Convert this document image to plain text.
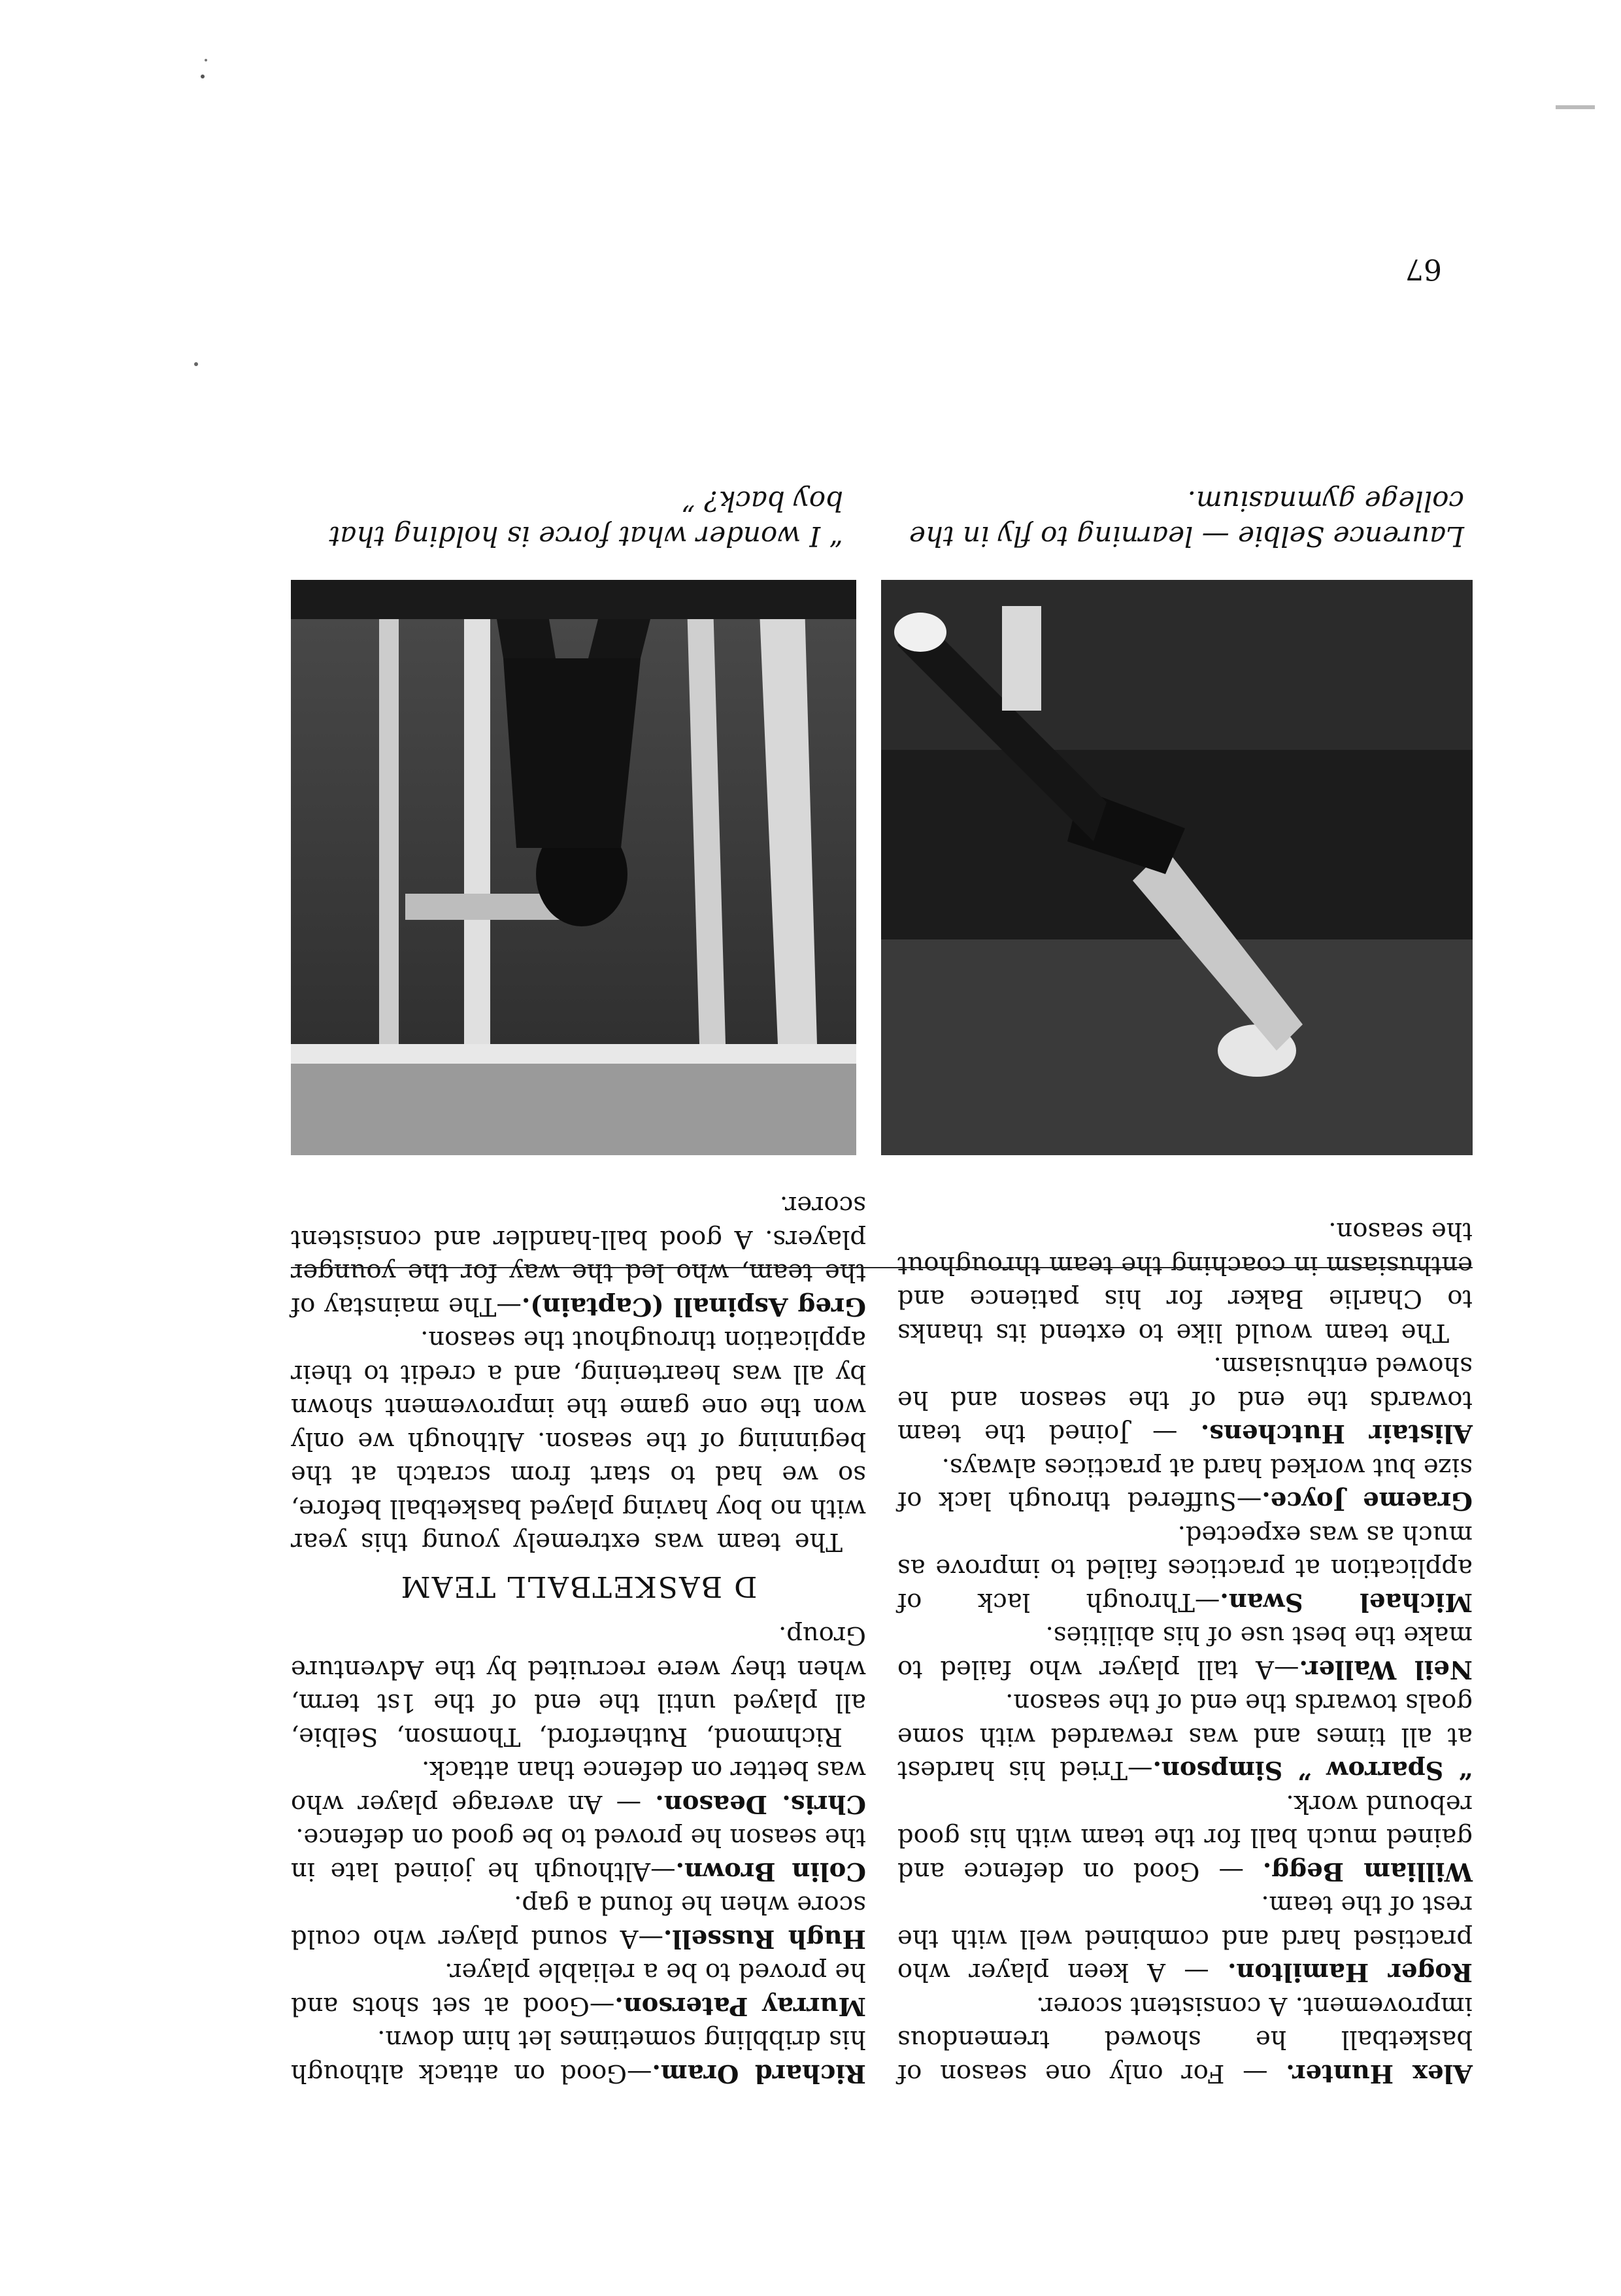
67

Richard Oram.—Good on attack although his dribbling sometimes let him down.

Murray Paterson.—Good at set shots and he proved to be a reliable player.

Hugh Russell.—A sound player who could score when he found a gap.

Colin Brown.—Although he joined late in the season he proved to be good on defence.

Chris. Deason. — An average player who was better on defence than attack.

Richmond, Rutherford, Thomson, Selbie, all played until the end of the 1st term, when they were recruited by the Adventure Group.

D BASKETBALL TEAM

The team was extremely young this year with no boy having played basketball before, so we had to start from scratch at the beginning of the season. Although we only won the one game the improvement shown by all was heartening, and a credit to their application throughout the season.

Greg Aspinall (Captain).—The mainstay of the team, who led the way for the younger players. A good ball-handler and consistent scorer.

Alex Hunter. — For only one season of basketball he showed tremendous improvement. A consistent scorer.

Roger Hamilton. — A keen player who practised hard and combined well with the rest of the team.

William Begg. — Good on defence and gained much ball for the team with his good rebound work.

“ Sparrow ” Simpson.—Tried his hardest at all times and was rewarded with some goals towards the end of the season.

Neil Waller.—A tall player who failed to make the best use of his abilities.

Michael Swan.—Through lack of application at practices failed to improve as much as was expected.

Graeme Joyce.—Suffered through lack of size but worked hard at practices always.

Alistair Hutchens. — Joined the team towards the end of the season and he showed enthusiasm.

The team would like to extend its thanks to Charlie Baker for his patience and enthusiasm in coaching the team throughout the season.

“ I wonder what force is holding that boy back? ”
Laurence Selbie — learning to fly in the college gymnasium.
